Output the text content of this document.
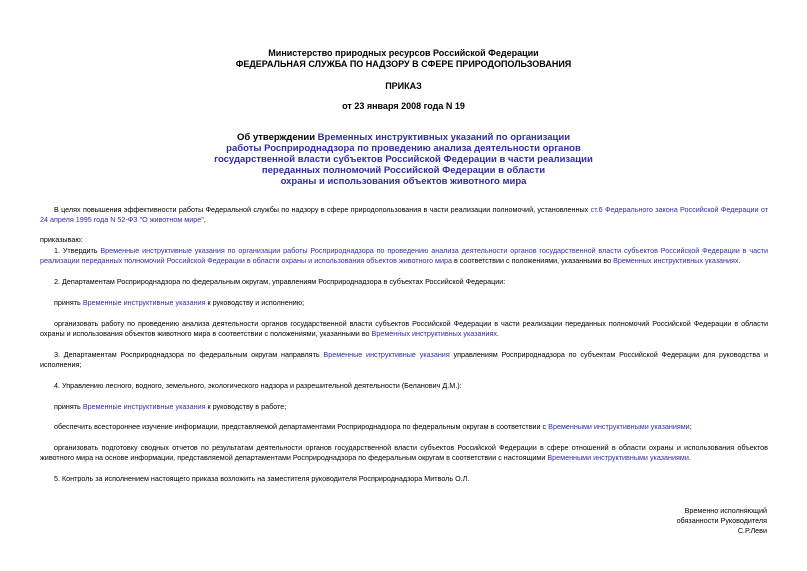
Министерство природных ресурсов Российской Федерации
ФЕДЕРАЛЬНАЯ СЛУЖБА ПО НАДЗОРУ В СФЕРЕ ПРИРОДОПОЛЬЗОВАНИЯ
ПРИКАЗ
от 23 января 2008 года N 19
Об утверждении Временных инструктивных указаний по организации
работы Росприроднадзора по проведению анализа деятельности органов
государственной власти субъектов Российской Федерации в части реализации
переданных полномочий Российской Федерации в области
охраны и использования объектов животного мира
В целях повышения эффективности работы Федеральной службы по надзору в сфере природопользования в части реализации полномочий, установленных ст.6 Федерального закона Российской Федерации от 24 апреля 1995 года N 52-ФЗ "О животном мире",
приказываю:
1. Утвердить Временные инструктивные указания по организации работы Росприроднадзора по проведению анализа деятельности органов государственной власти субъектов Российской Федерации в части реализации переданных полномочий Российской Федерации в области охраны и использования объектов животного мира в соответствии с положениями, указанными во Временных инструктивных указаниях.
2. Департаментам Росприроднадзора по федеральным округам, управлениям Росприроднадзора в субъектах Российской Федерации:
принять Временные инструктивные указания к руководству и исполнению;
организовать работу по проведению анализа деятельности органов государственной власти субъектов Российской Федерации в части реализации переданных полномочий Российской Федерации в области охраны и использования объектов животного мира в соответствии с положениями, указанными во Временных инструктивных указаниях.
3. Департаментам Росприроднадзора по федеральным округам направлять Временные инструктивные указания управлениям Росприроднадзора по субъектам Российской Федерации для руководства и исполнения;
4. Управлению лесного, водного, земельного, экологического надзора и разрешительной деятельности (Беланович Д.М.):
принять Временные инструктивные указания к руководству в работе;
обеспечить всестороннее изучение информации, представляемой департаментами Росприроднадзора по федеральным округам в соответствии с Временными инструктивными указаниями;
организовать подготовку сводных отчетов по результатам деятельности органов государственной власти субъектов Российской Федерации в сфере отношений в области охраны и использования объектов животного мира на основе информации, представляемой департаментами Росприроднадзора по федеральным округам в соответствии с настоящими Временными инструктивными указаниями.
5. Контроль за исполнением настоящего приказа возложить на заместителя руководителя Росприроднадзора Митволь О.Л.
Временно исполняющий
обязанности Руководителя
С.Р.Леви
